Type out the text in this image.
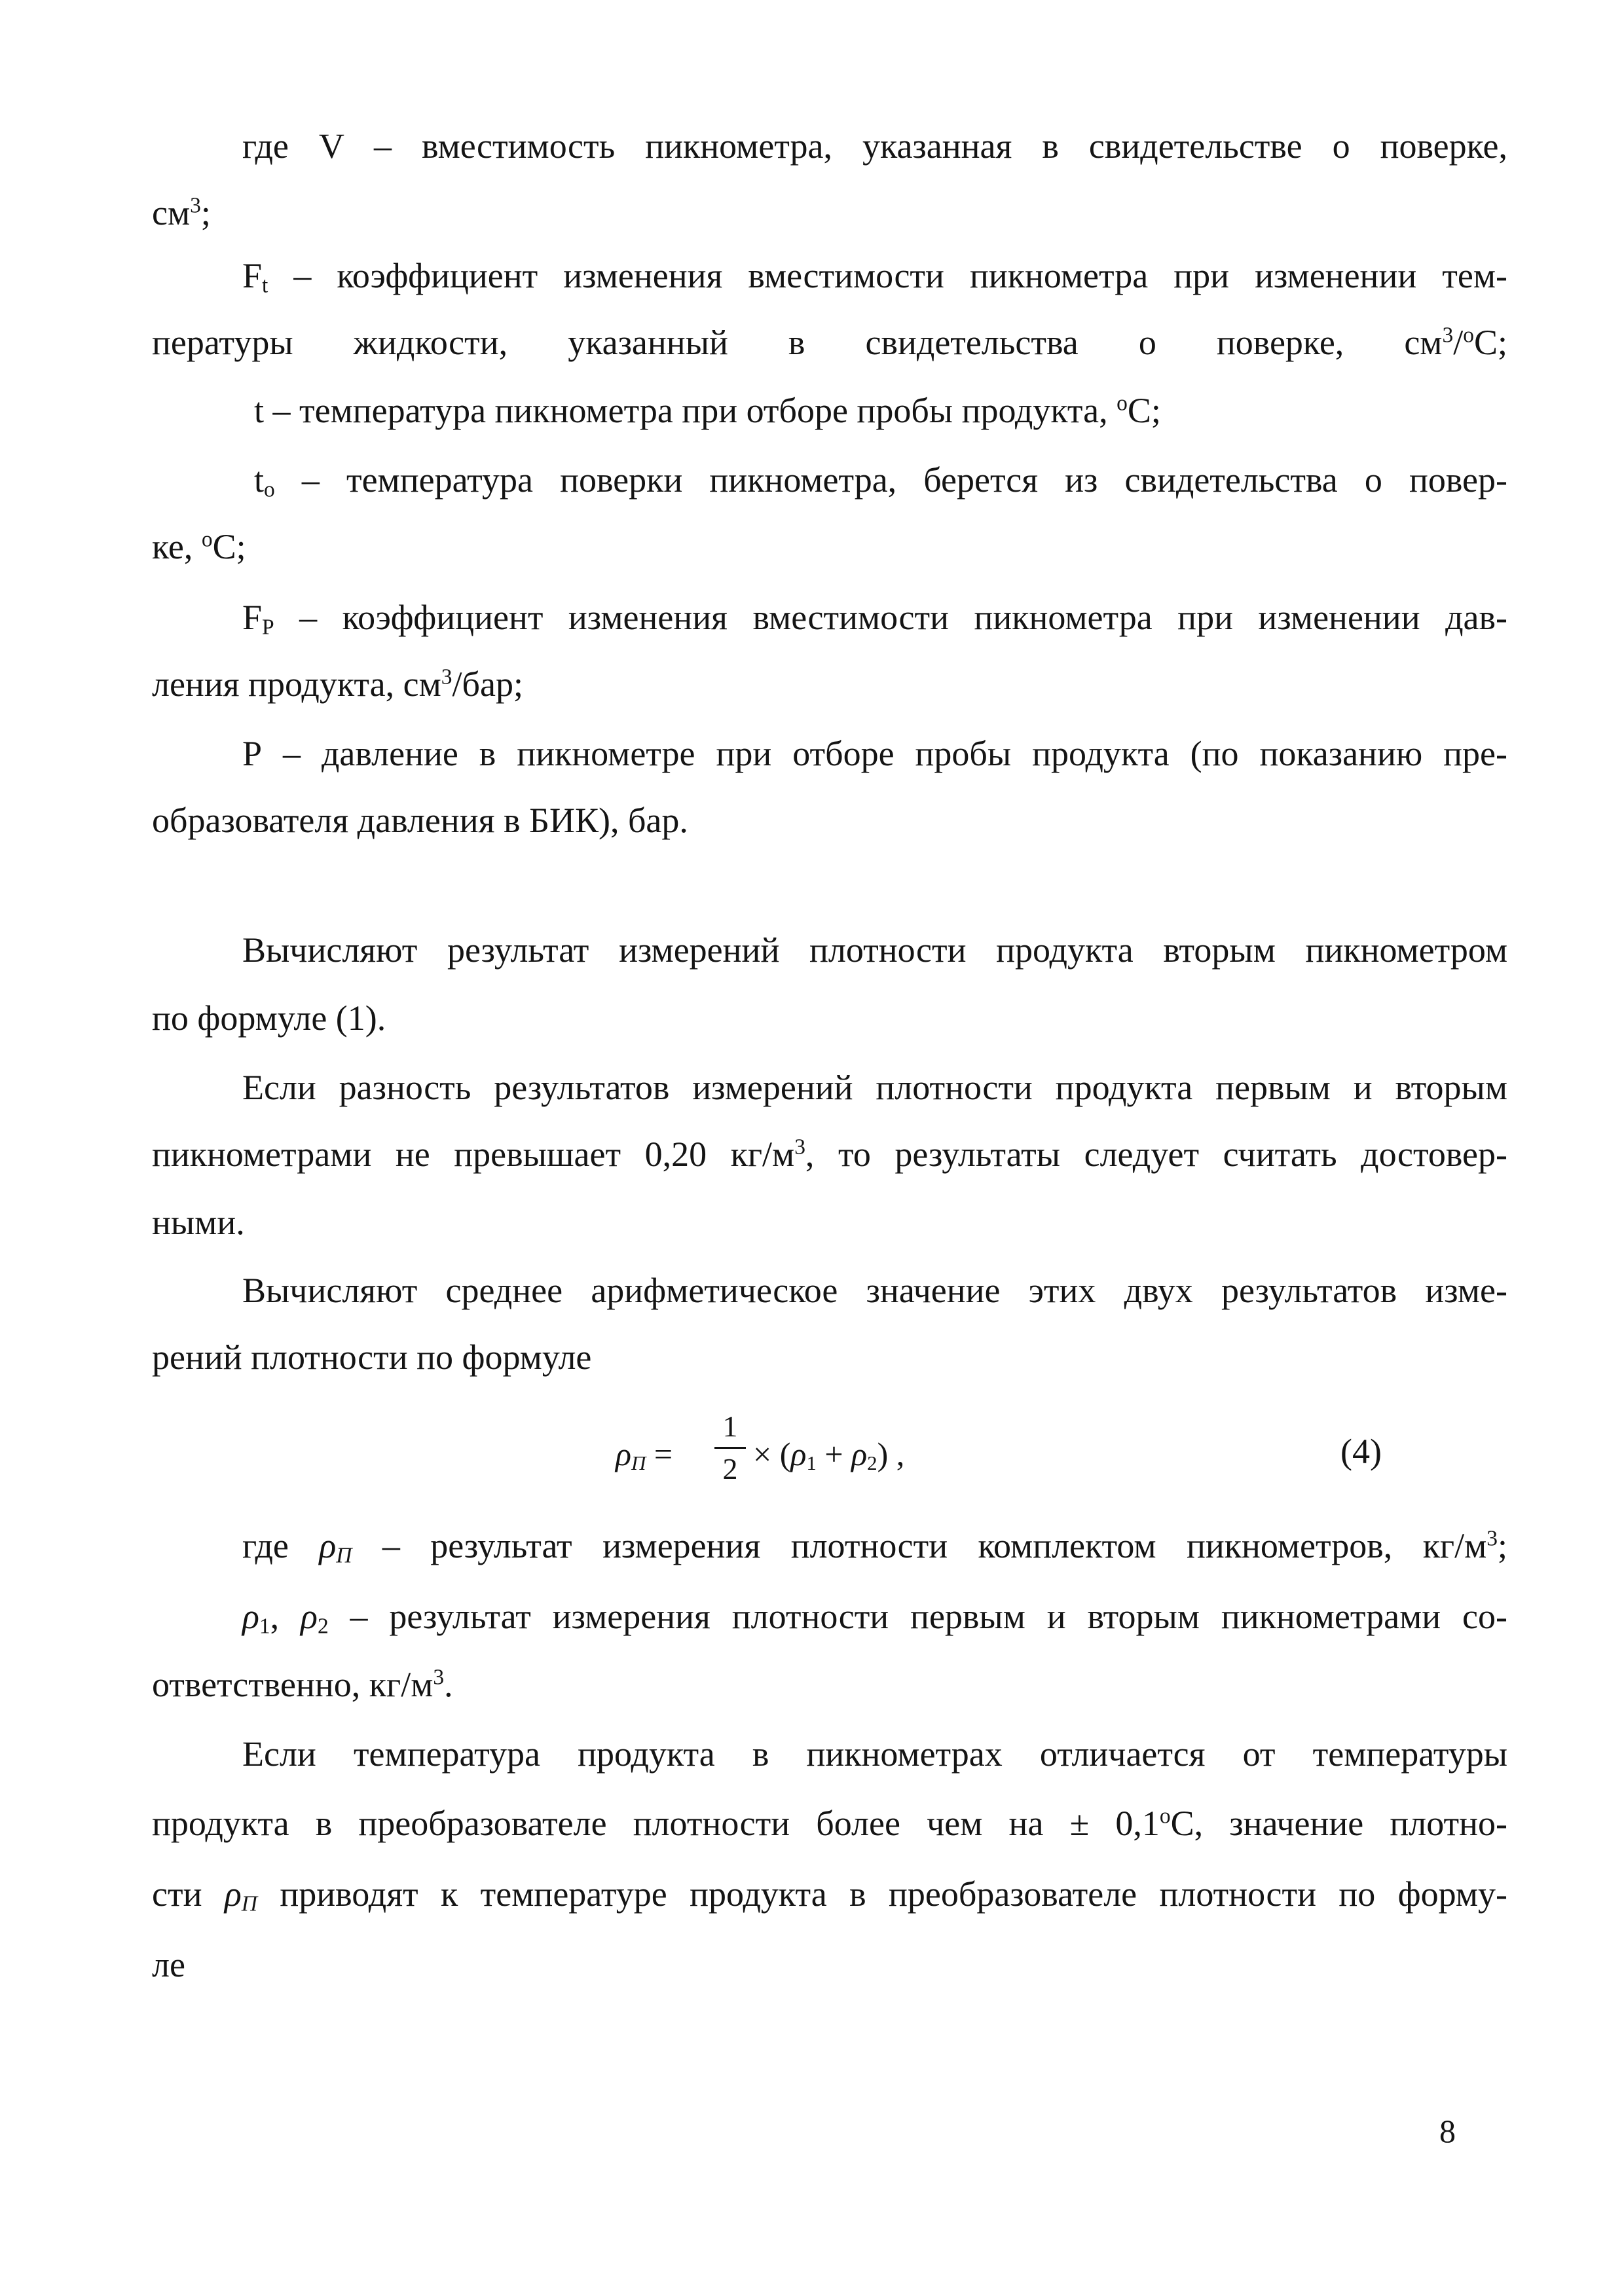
где V – вместимость пикнометра, указанная в свидетельстве о поверке,

$см^3$;

$F_t$ – коэффициент изменения вместимости пикнометра при изменении тем-

пературы жидкости, указанный в свидетельства о поверке, $см^3/^оС$;

t – температура пикнометра при отборе пробы продукта, $^о$С;

$t_о$ – температура поверки пикнометра, берется из свидетельства о повер-

ке, $^о$С;

$F_P$ – коэффициент изменения вместимости пикнометра при изменении дав-

ления продукта, $см^3$/бар;

Р – давление в пикнометре при отборе пробы продукта (по показанию пре-

образователя давления в БИК), бар.

Вычисляют результат измерений плотности продукта вторым пикнометром

по формуле (1).

Если разность результатов измерений плотности продукта первым и вторым

пикнометрами не превышает 0,20 $кг/м^3$, то результаты следует считать достовер-

ными.

Вычисляют среднее арифметическое значение этих двух результатов изме-

рений плотности по формуле

$\rho_П$ =
1
$2 \times (\rho_1 + \rho_2)$ ,	(4)

где $\rho_П$ – результат измерения плотности комплектом пикнометров, $кг/м^3$;

$\rho_1$, $\rho_2$ – результат измерения плотности первым и вторым пикнометрами со-

ответственно, $кг/м^3$.

Если температура продукта в пикнометрах отличается от температуры

продукта в преобразователе плотности более чем на ± $0,1^оС$, значение плотно-

сти $\rho_П$ приводят к температуре продукта в преобразователе плотности по форму-

ле

8
